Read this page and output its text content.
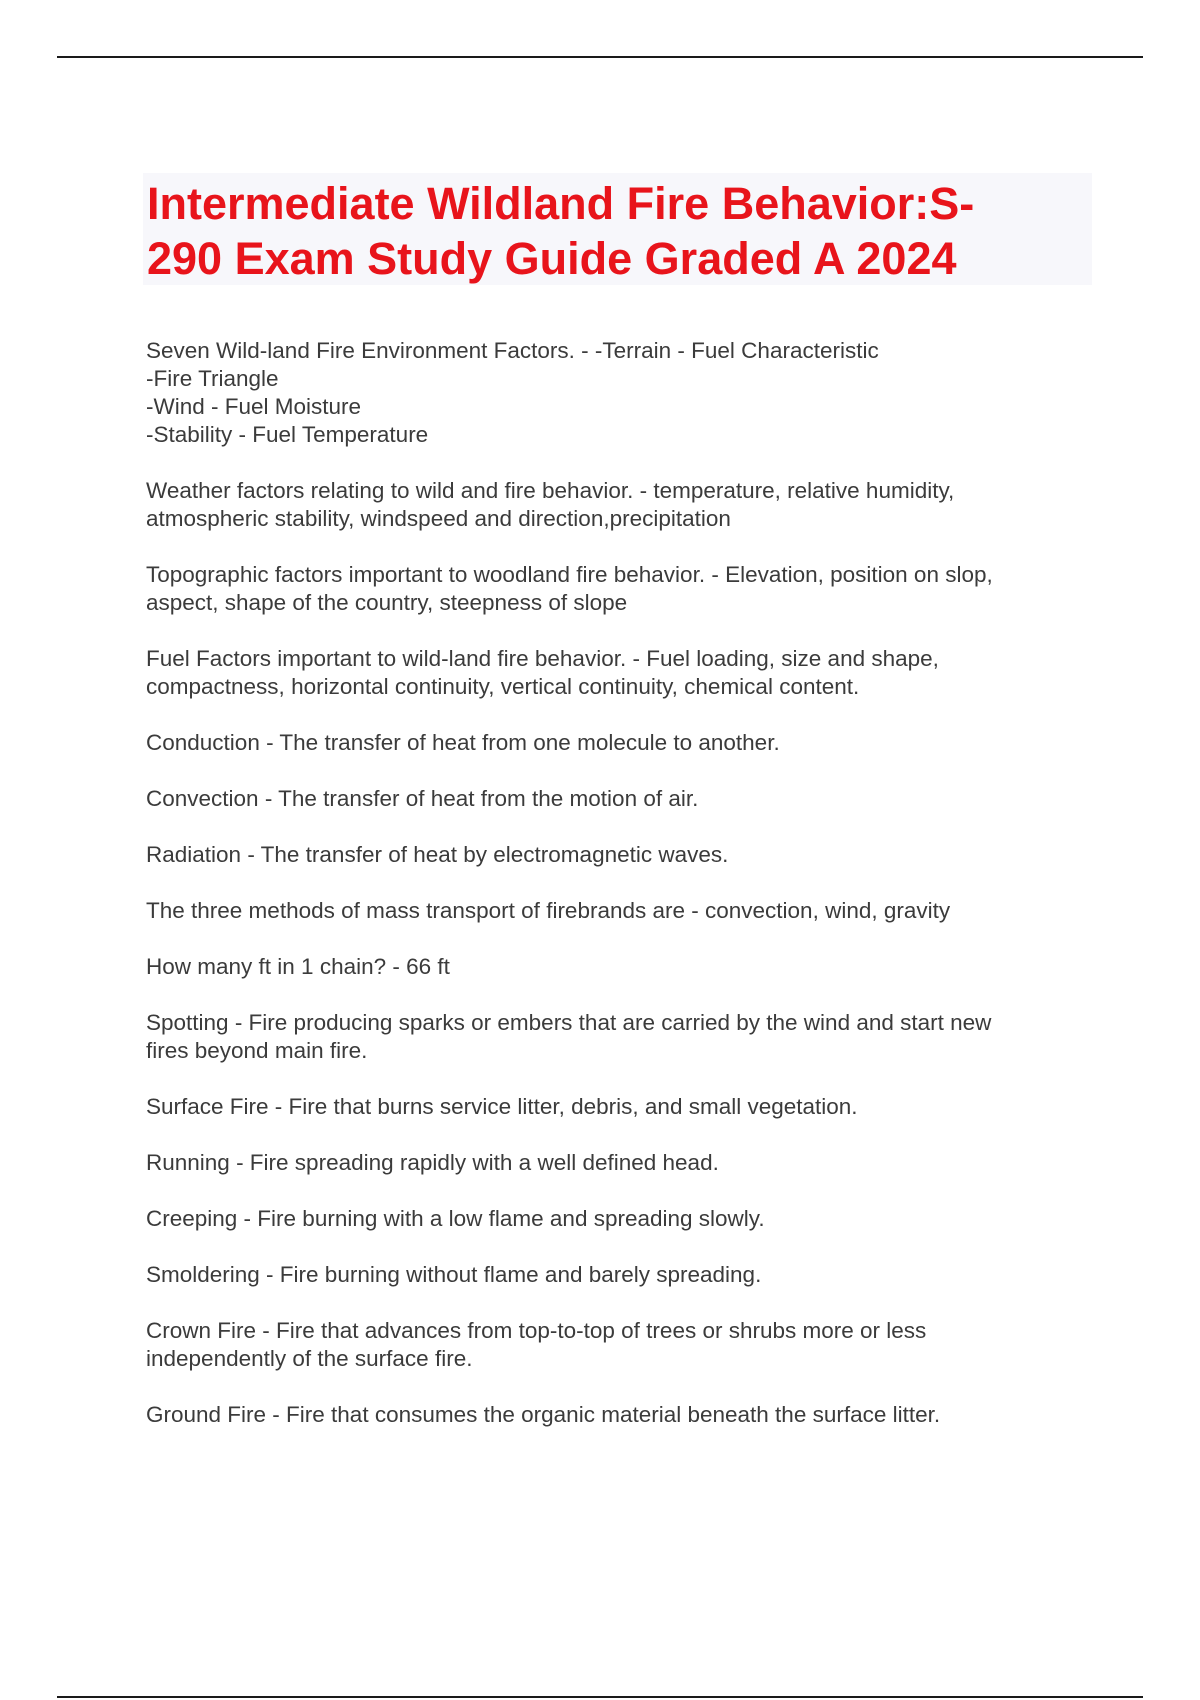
Intermediate Wildland Fire Behavior:S-
290 Exam Study Guide Graded A 2024
Seven Wild-land Fire Environment Factors. - -Terrain - Fuel Characteristic
-Fire Triangle
-Wind - Fuel Moisture
-Stability - Fuel Temperature
Weather factors relating to wild and fire behavior. - temperature, relative humidity,
atmospheric stability, windspeed and direction,precipitation
Topographic factors important to woodland fire behavior. - Elevation, position on slop,
aspect, shape of the country, steepness of slope
Fuel Factors important to wild-land fire behavior. - Fuel loading, size and shape,
compactness, horizontal continuity, vertical continuity, chemical content.
Conduction - The transfer of heat from one molecule to another.
Convection - The transfer of heat from the motion of air.
Radiation - The transfer of heat by electromagnetic waves.
The three methods of mass transport of firebrands are - convection, wind, gravity
How many ft in 1 chain? - 66 ft
Spotting - Fire producing sparks or embers that are carried by the wind and start new
fires beyond main fire.
Surface Fire - Fire that burns service litter, debris, and small vegetation.
Running - Fire spreading rapidly with a well defined head.
Creeping - Fire burning with a low flame and spreading slowly.
Smoldering - Fire burning without flame and barely spreading.
Crown Fire - Fire that advances from top-to-top of trees or shrubs more or less
independently of the surface fire.
Ground Fire - Fire that consumes the organic material beneath the surface litter.
